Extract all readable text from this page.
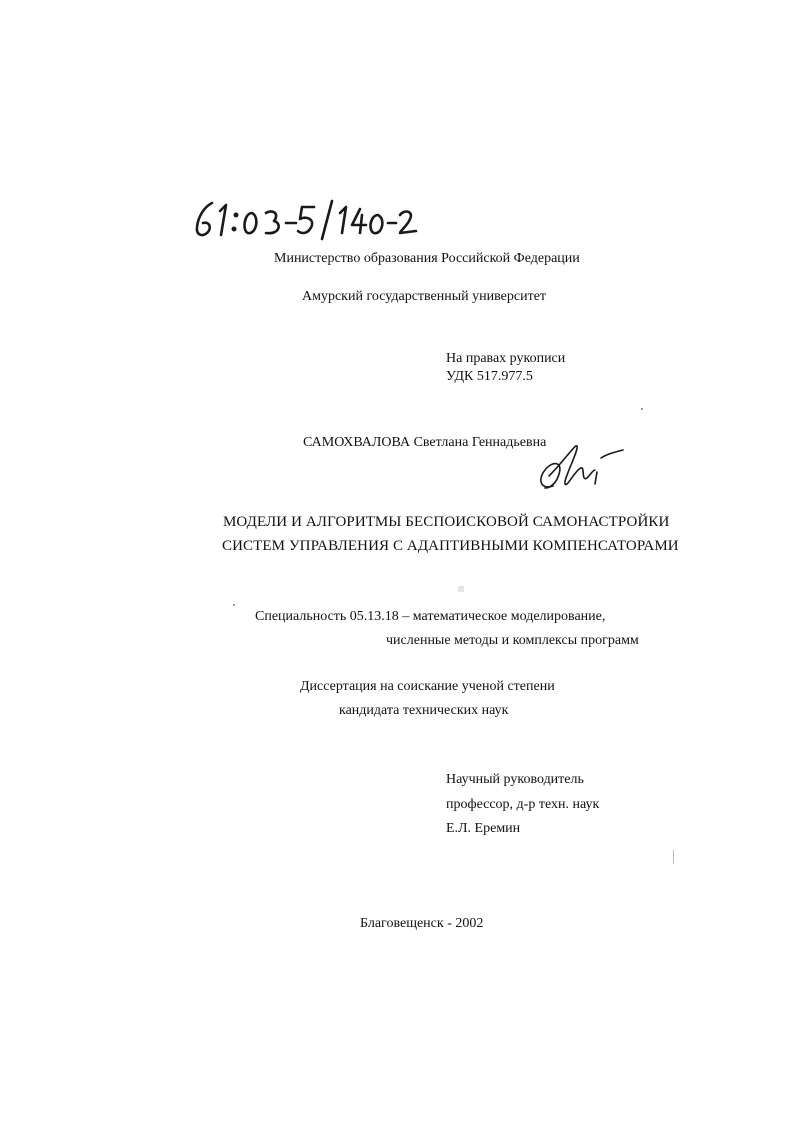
Министерство образования Российской Федерации
Амурский государственный университет
На правах рукописи
УДК 517.977.5
САМОХВАЛОВА Светлана Геннадьевна
МОДЕЛИ И АЛГОРИТМЫ БЕСПОИСКОВОЙ САМОНАСТРОЙКИ
СИСТЕМ УПРАВЛЕНИЯ С АДАПТИВНЫМИ КОМПЕНСАТОРАМИ
Специальность 05.13.18 – математическое моделирование,
численные методы и комплексы программ
Диссертация на соискание ученой степени
кандидата технических наук
Научный руководитель
профессор, д-р техн. наук
Е.Л. Еремин
Благовещенск - 2002
